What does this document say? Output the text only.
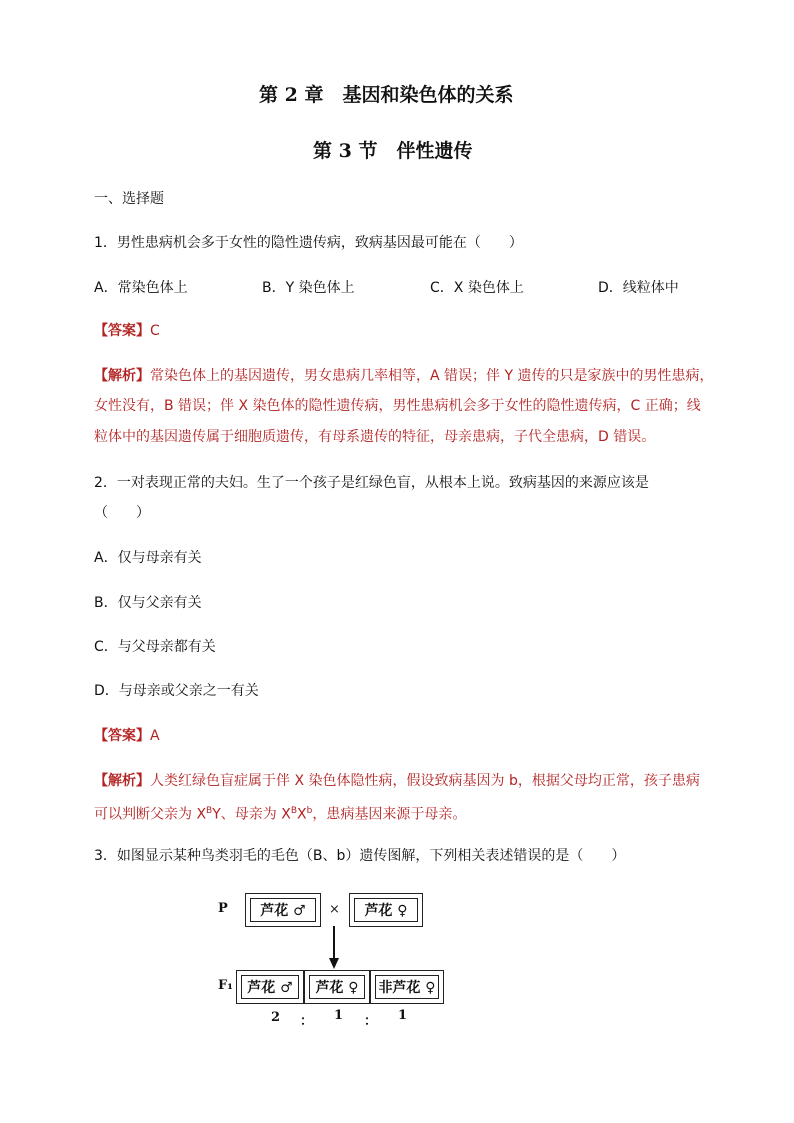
第 2 章　基因和染色体的关系
第 3 节　伴性遗传
一、选择题
1．男性患病机会多于女性的隐性遗传病，致病基因最可能在（　　）
A．常染色体上	B．Y 染色体上	C．X 染色体上	D．线粒体中
【答案】C
【解析】常染色体上的基因遗传，男女患病几率相等，A 错误；伴 Y 遗传的只是家族中的男性患病，
女性没有，B 错误；伴 X 染色体的隐性遗传病，男性患病机会多于女性的隐性遗传病，C 正确；线
粒体中的基因遗传属于细胞质遗传，有母系遗传的特征，母亲患病，子代全患病，D 错误。
2．一对表现正常的夫妇。生了一个孩子是红绿色盲，从根本上说。致病基因的来源应该是
（　　）
A．仅与母亲有关
B．仅与父亲有关
C．与父母亲都有关
D．与母亲或父亲之一有关
【答案】A
【解析】人类红绿色盲症属于伴 X 染色体隐性病，假设致病基因为 b，根据父母均正常，孩子患病
可以判断父亲为 $X^BY$、母亲为 $X^BX^b$，患病基因来源于母亲。
3．如图显示某种鸟类羽毛的毛色（B、b）遗传图解，下列相关表述错误的是（　　）
P	芦花 ♂	×	芦花 ♀
F₁	芦花 ♂	芦花 ♀	非芦花 ♀
2 ： 1 ： 1
